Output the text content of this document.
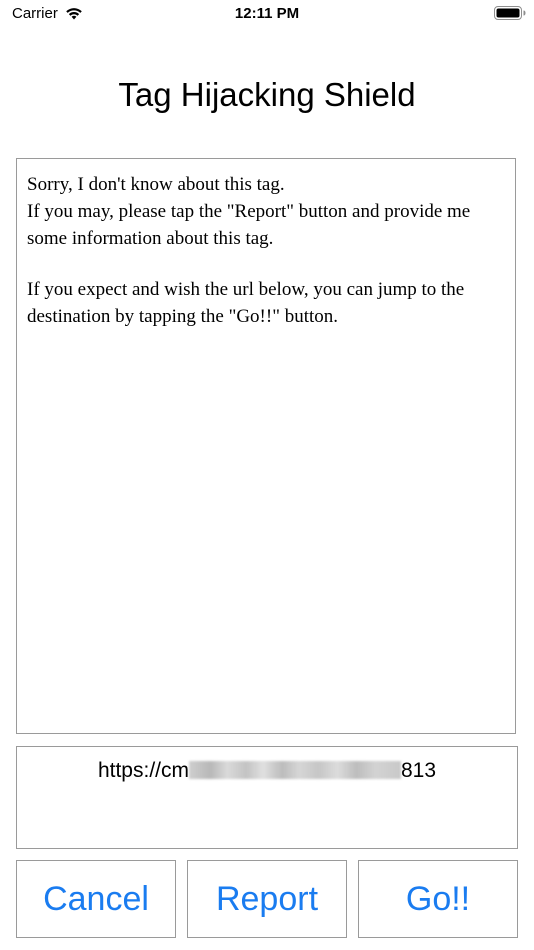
Carrier	12:11 PM
Tag Hijacking Shield

Sorry, I don't know about this tag.

If you may, please tap the "Report" button and provide me some information about this tag.

If you expect and wish the url below, you can jump to the destination by tapping the "Go!!" button.

https://cm	813
Cancel	Report	Go!!
